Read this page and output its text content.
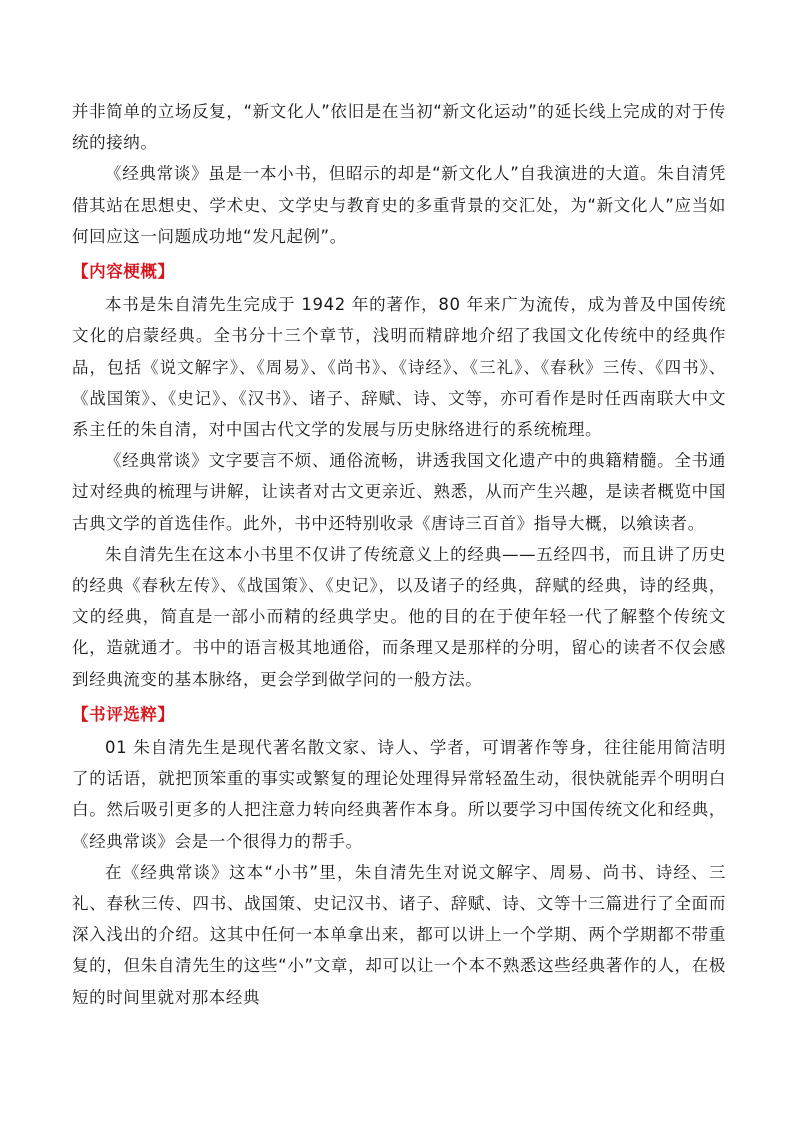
并非简单的立场反复，“新文化人”依旧是在当初“新文化运动”的延长线上完成的对于传统的接纳。

《经典常谈》虽是一本小书，但昭示的却是“新文化人”自我演进的大道。朱自清凭借其站在思想史、学术史、文学史与教育史的多重背景的交汇处，为“新文化人”应当如何回应这一问题成功地“发凡起例”。

【内容梗概】

本书是朱自清先生完成于 1942 年的著作，80 年来广为流传，成为普及中国传统文化的启蒙经典。全书分十三个章节，浅明而精辟地介绍了我国文化传统中的经典作品，包括《说文解字》、《周易》、《尚书》、《诗经》、《三礼》、《春秋》三传、《四书》、《战国策》、《史记》、《汉书》、诸子、辞赋、诗、文等，亦可看作是时任西南联大中文系主任的朱自清，对中国古代文学的发展与历史脉络进行的系统梳理。

《经典常谈》文字要言不烦、通俗流畅，讲透我国文化遗产中的典籍精髓。全书通过对经典的梳理与讲解，让读者对古文更亲近、熟悉，从而产生兴趣，是读者概览中国古典文学的首选佳作。此外，书中还特别收录《唐诗三百首》指导大概，以飨读者。

朱自清先生在这本小书里不仅讲了传统意义上的经典——五经四书，而且讲了历史的经典《春秋左传》、《战国策》、《史记》，以及诸子的经典，辞赋的经典，诗的经典，文的经典，简直是一部小而精的经典学史。他的目的在于使年轻一代了解整个传统文化，造就通才。书中的语言极其地通俗，而条理又是那样的分明，留心的读者不仅会感到经典流变的基本脉络，更会学到做学问的一般方法。

【书评选粹】

01 朱自清先生是现代著名散文家、诗人、学者，可谓著作等身，往往能用简洁明了的话语，就把顶笨重的事实或繁复的理论处理得异常轻盈生动，很快就能弄个明明白白。然后吸引更多的人把注意力转向经典著作本身。所以要学习中国传统文化和经典，《经典常谈》会是一个很得力的帮手。

在《经典常谈》这本“小书”里，朱自清先生对说文解字、周易、尚书、诗经、三礼、春秋三传、四书、战国策、史记汉书、诸子、辞赋、诗、文等十三篇进行了全面而深入浅出的介绍。这其中任何一本单拿出来，都可以讲上一个学期、两个学期都不带重复的，但朱自清先生的这些“小”文章，却可以让一个本不熟悉这些经典著作的人，在极短的时间里就对那本经典
